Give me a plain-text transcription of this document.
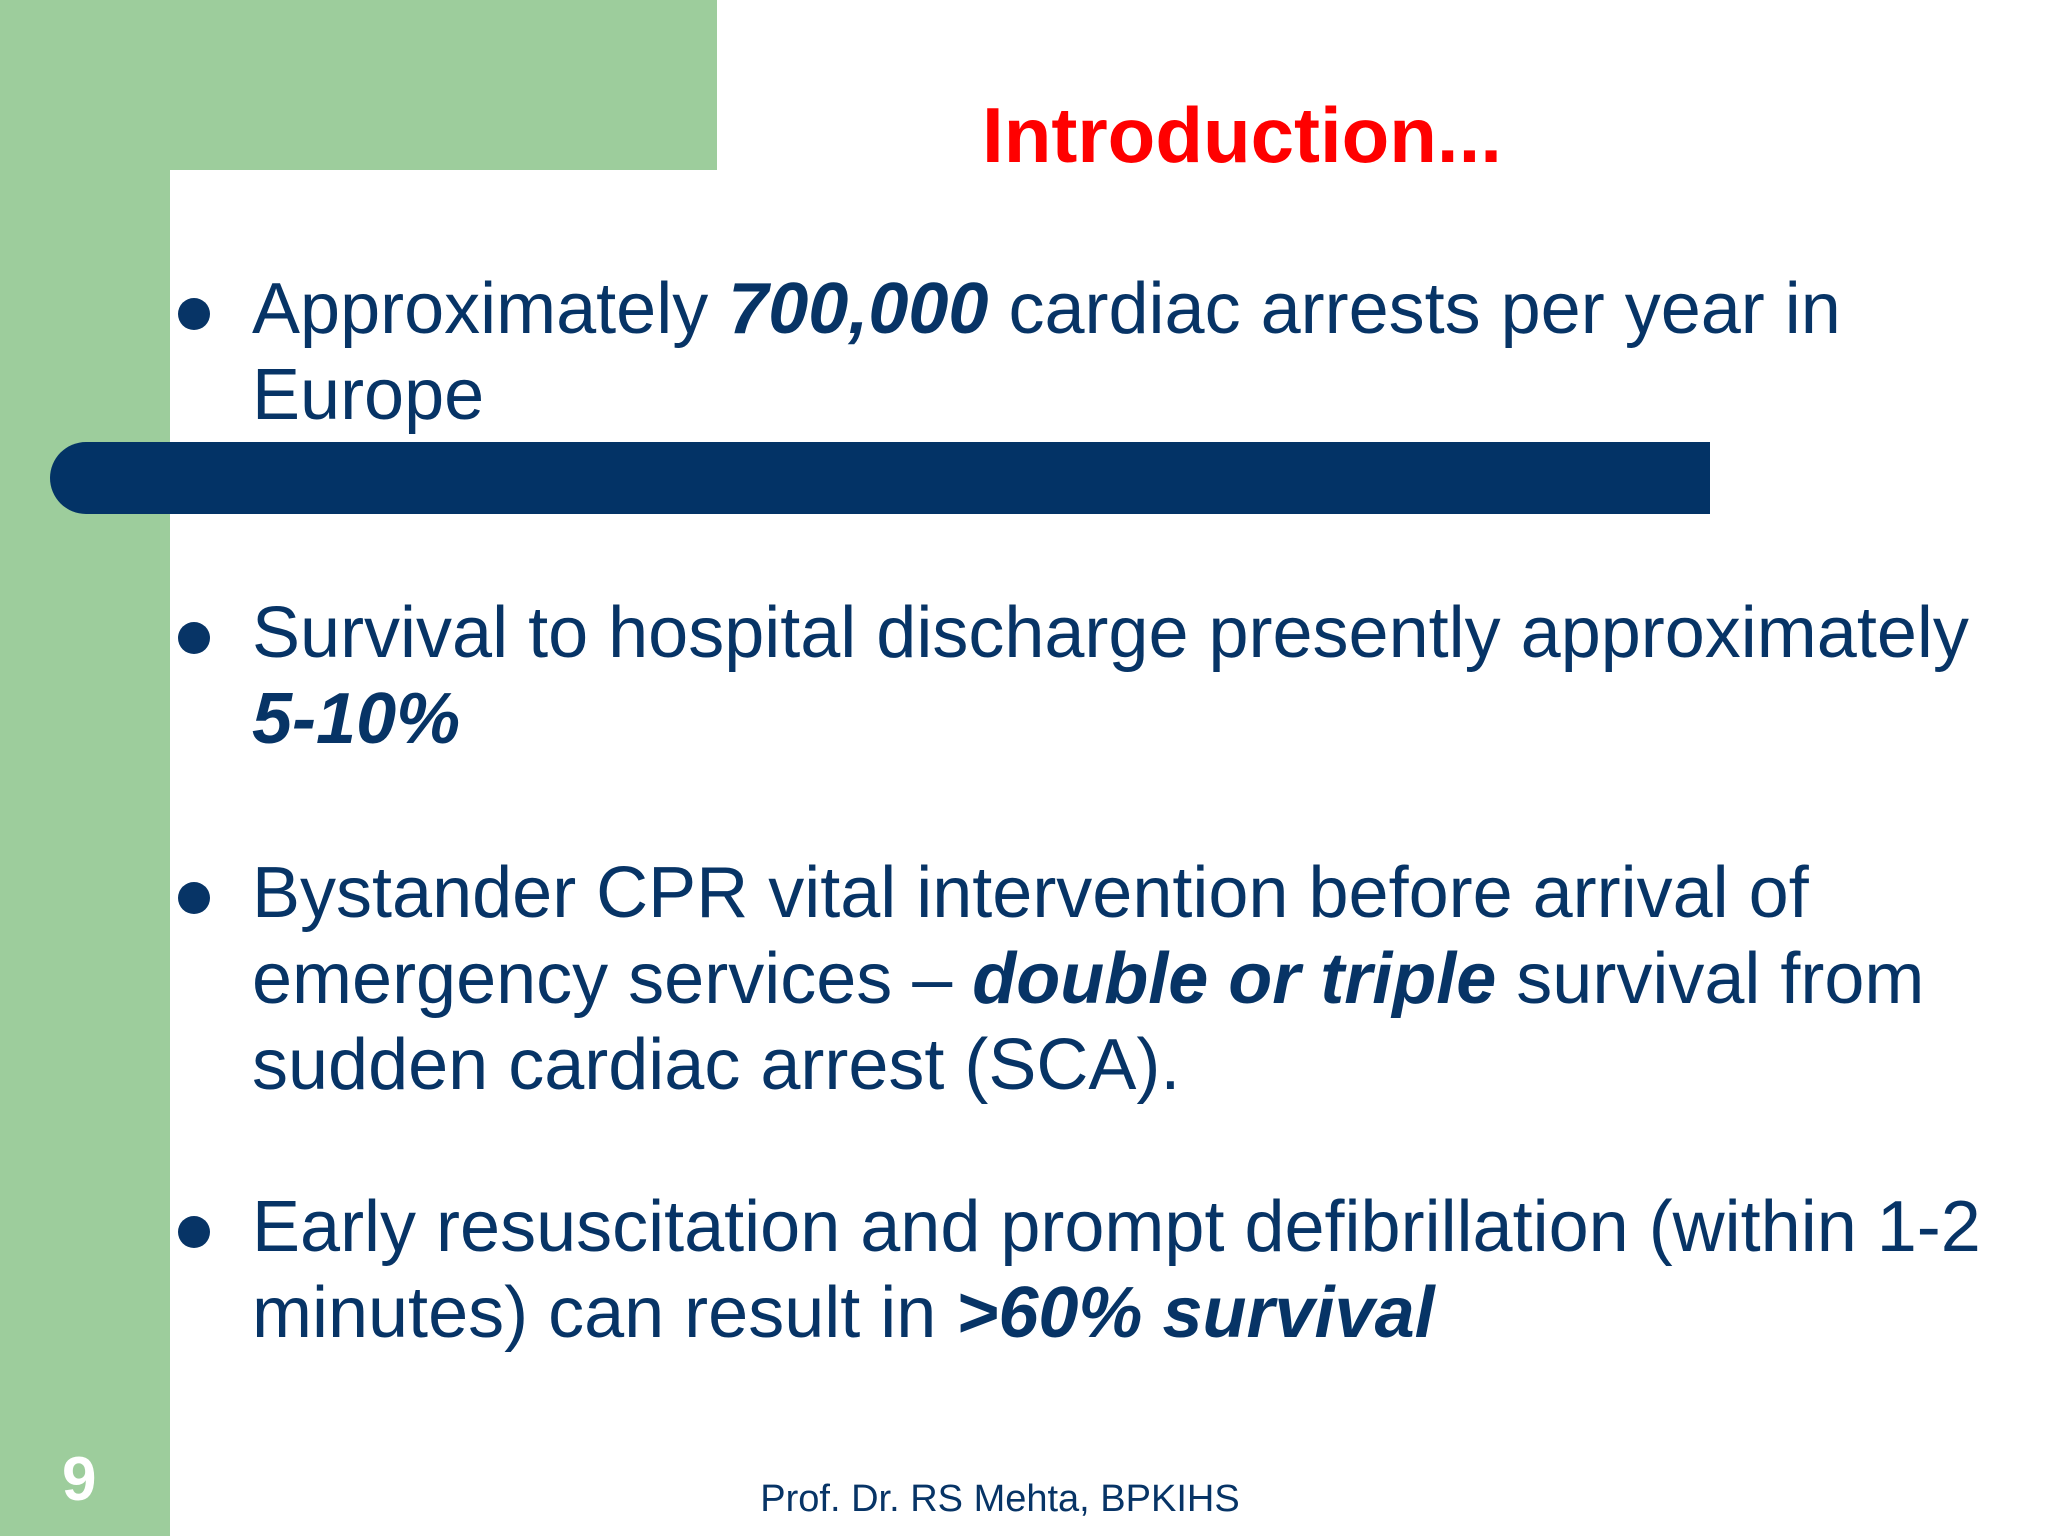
Introduction...
Approximately 700,000 cardiac arrests per year in Europe
Survival to hospital discharge presently approximately 5-10%
Bystander CPR vital intervention before arrival of emergency services – double or triple survival from sudden cardiac arrest (SCA).
Early resuscitation and prompt defibrillation (within 1-2 minutes) can result in >60% survival
9	Prof. Dr. RS Mehta, BPKIHS
